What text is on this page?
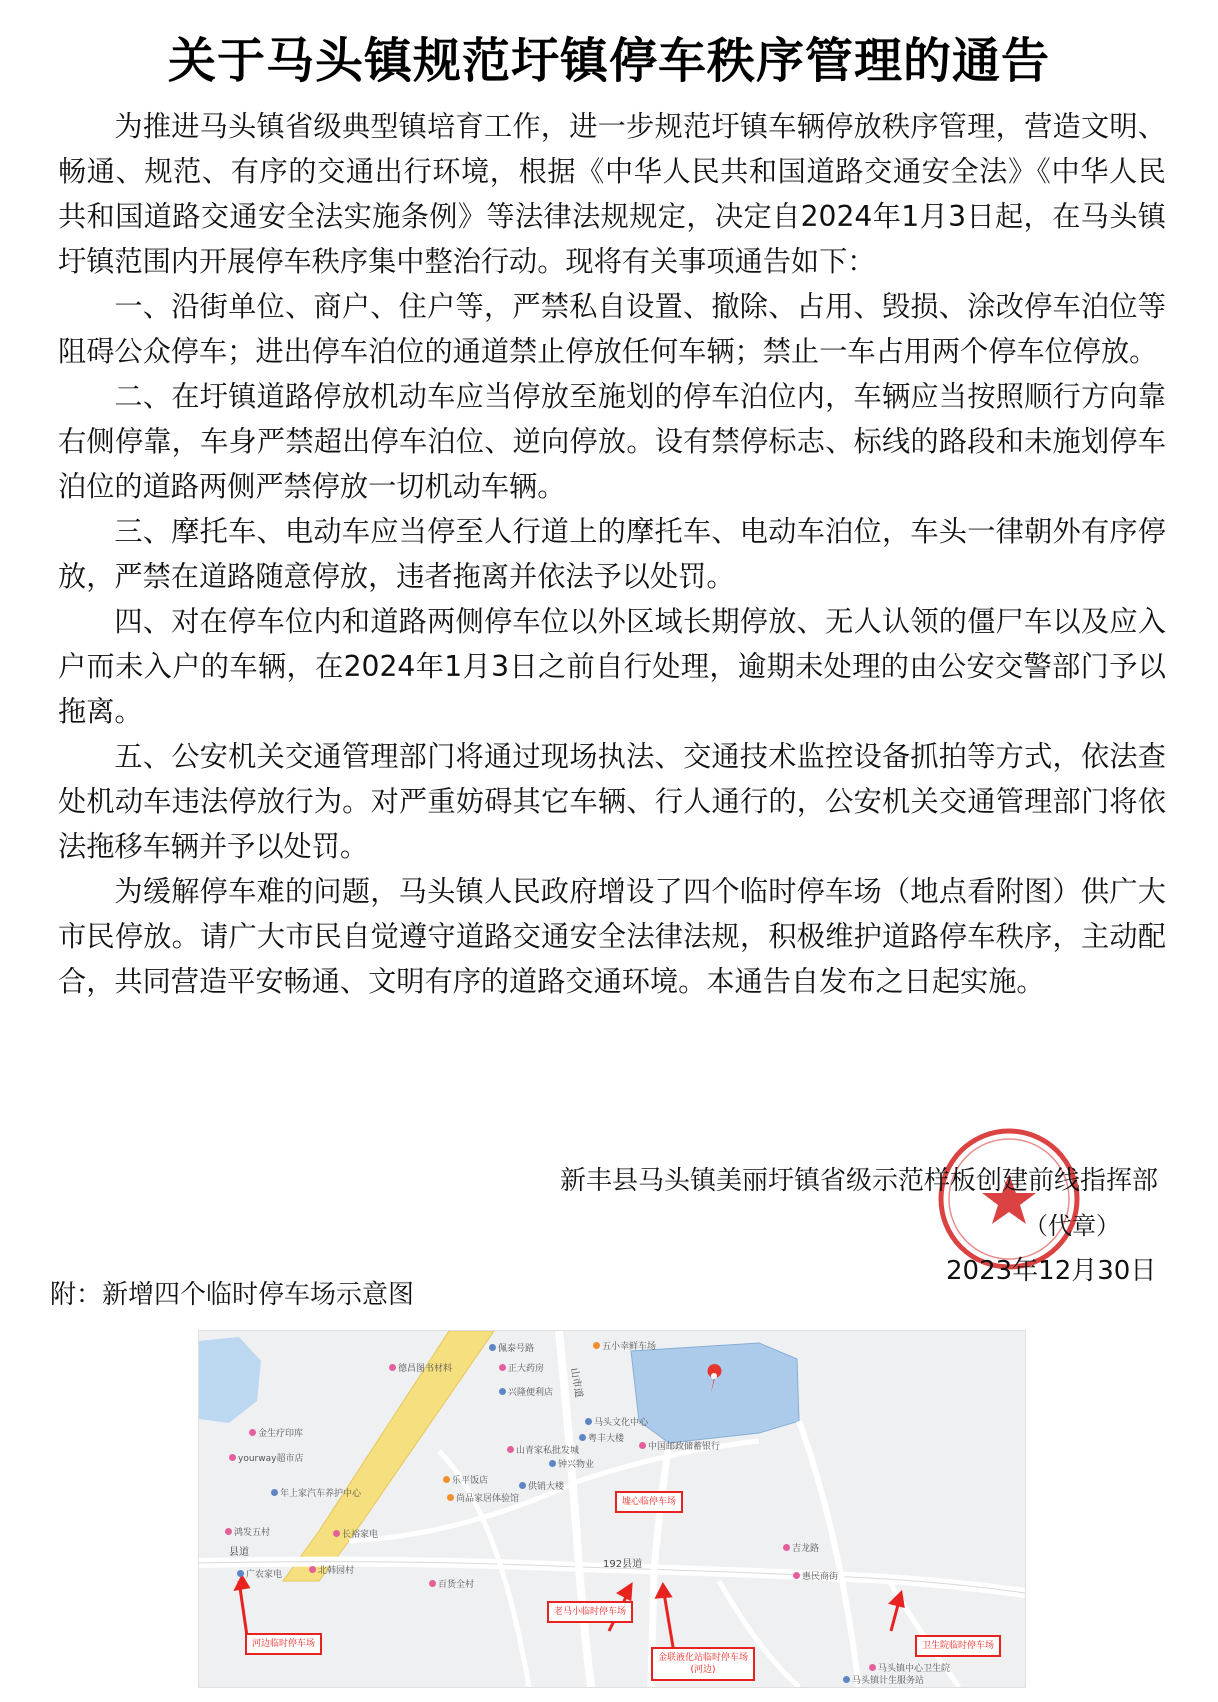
关于马头镇规范圩镇停车秩序管理的通告

为推进马头镇省级典型镇培育工作，进一步规范圩镇车辆停放秩序管理，营造文明、畅通、规范、有序的交通出行环境，根据《中华人民共和国道路交通安全法》《中华人民共和国道路交通安全法实施条例》等法律法规规定，决定自2024年1月3日起，在马头镇圩镇范围内开展停车秩序集中整治行动。现将有关事项通告如下：

一、沿街单位、商户、住户等，严禁私自设置、撤除、占用、毁损、涂改停车泊位等阻碍公众停车；进出停车泊位的通道禁止停放任何车辆；禁止一车占用两个停车位停放。

二、在圩镇道路停放机动车应当停放至施划的停车泊位内，车辆应当按照顺行方向靠右侧停靠，车身严禁超出停车泊位、逆向停放。设有禁停标志、标线的路段和未施划停车泊位的道路两侧严禁停放一切机动车辆。

三、摩托车、电动车应当停至人行道上的摩托车、电动车泊位，车头一律朝外有序停放，严禁在道路随意停放，违者拖离并依法予以处罚。

四、对在停车位内和道路两侧停车位以外区域长期停放、无人认领的僵尸车以及应入户而未入户的车辆，在2024年1月3日之前自行处理，逾期未处理的由公安交警部门予以拖离。

五、公安机关交通管理部门将通过现场执法、交通技术监控设备抓拍等方式，依法查处机动车违法停放行为。对严重妨碍其它车辆、行人通行的，公安机关交通管理部门将依法拖移车辆并予以处罚。

为缓解停车难的问题，马头镇人民政府增设了四个临时停车场（地点看附图）供广大市民停放。请广大市民自觉遵守道路交通安全法律法规，积极维护道路停车秩序，主动配合，共同营造平安畅通、文明有序的道路交通环境。本通告自发布之日起实施。

新丰县马头镇美丽圩镇省级示范样板创建前线指挥部
（代章）
2023年12月30日
附：新增四个临时停车场示意图
德昌图书材料
佩泰号路
正大药房
兴隆便利店
马头文化中心
金生疗印库
yourway超市店
年上家汽车养护中心
鸿发五村
五小幸鲜车场
中国邮政储蓄银行
山青家私批发城
乐平饭店
尚品家居体验馆
供销大楼
钟兴物业
粤丰大楼
长裕家电
广农家电	北韩园村
百货全村
吉龙路
惠民商街
马头镇中心卫生院
马头镇计生服务站
192县道
县道
山市道
墟心临停车场
河边临时停车场
老马小临时停车场
金联液化站临时停车场
(河边)
卫生院临时停车场
